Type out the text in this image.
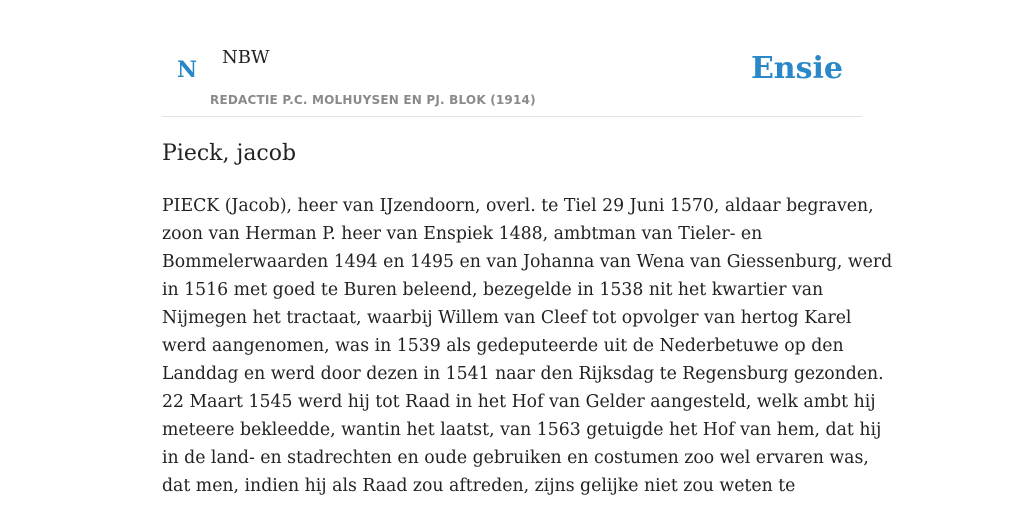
N NBW
REDACTIE P.C. MOLHUYSEN EN PJ. BLOK (1914)
Ensie
Pieck, jacob

PIECK (Jacob), heer van IJzendoorn, overl. te Tiel 29 Juni 1570, aldaar begraven,
zoon van Herman P. heer van Enspiek 1488, ambtman van Tieler- en
Bommelerwaarden 1494 en 1495 en van Johanna van Wena van Giessenburg, werd
in 1516 met goed te Buren beleend, bezegelde in 1538 nit het kwartier van
Nijmegen het tractaat, waarbij Willem van Cleef tot opvolger van hertog Karel
werd aangenomen, was in 1539 als gedeputeerde uit de Nederbetuwe op den
Landdag en werd door dezen in 1541 naar den Rijksdag te Regensburg gezonden.
22 Maart 1545 werd hij tot Raad in het Hof van Gelder aangesteld, welk ambt hij
meteere bekleedde, wantin het laatst, van 1563 getuigde het Hof van hem, dat hij
in de land- en stadrechten en oude gebruiken en costumen zoo wel ervaren was,
dat men, indien hij als Raad zou aftreden, zijns gelijke niet zou weten te
